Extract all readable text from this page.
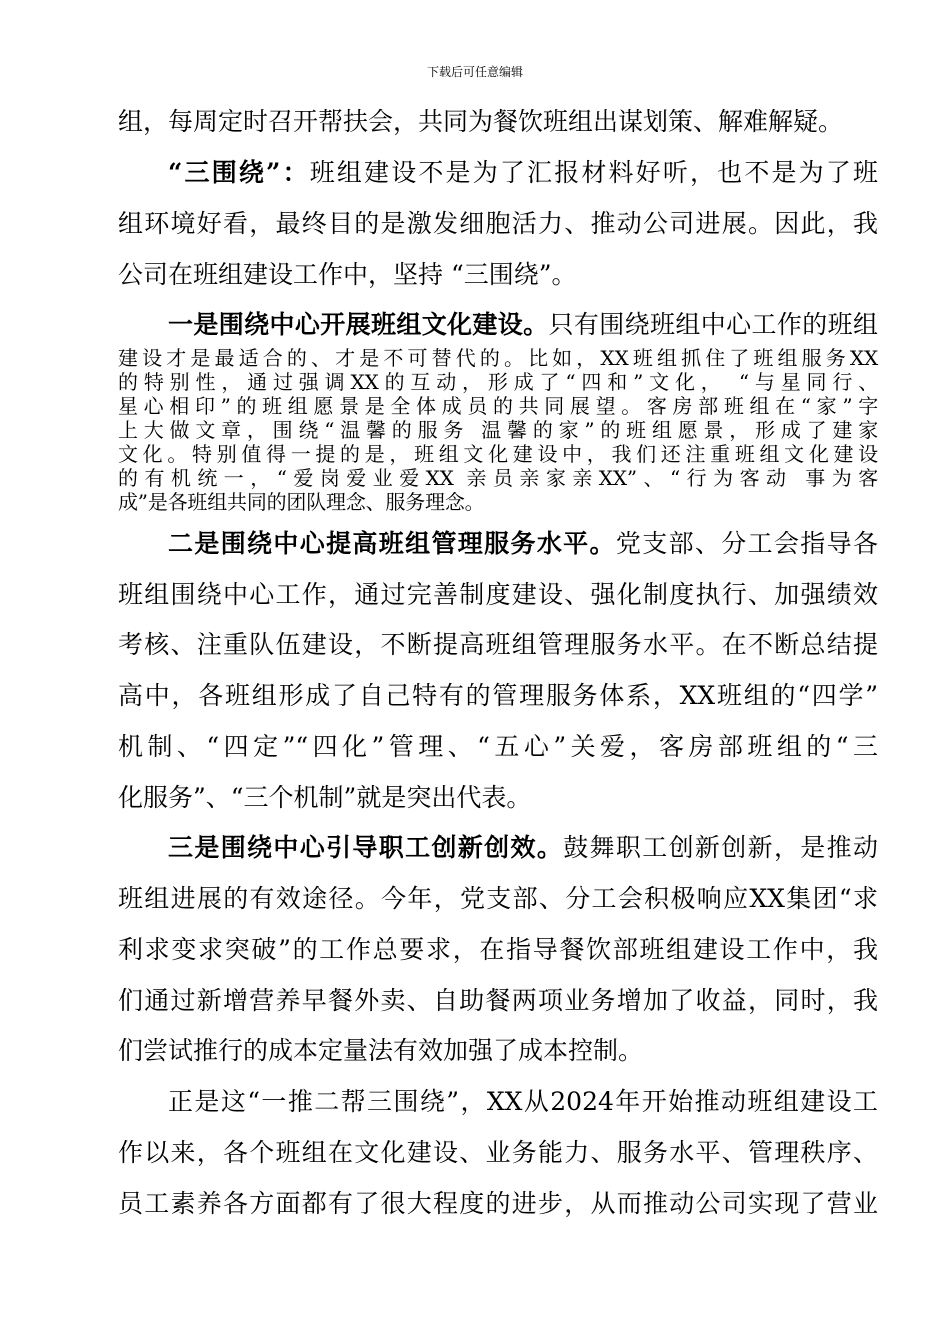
下载后可任意编辑
组，每周定时召开帮扶会，共同为餐饮班组出谋划策、解难解疑。
“三围绕”：班组建设不是为了汇报材料好听，也不是为了班
组环境好看，最终目的是激发细胞活力、推动公司进展。因此，我
公司在班组建设工作中，坚持 “三围绕”。
一是围绕中心开展班组文化建设。只有围绕班组中心工作的班组
建设才是最适合的、才是不可替代的。比如，XX班组抓住了班组服务XX
的特别性，通过强调XX的互动，形成了“四和”文化， “与星同行、
星心相印”的班组愿景是全体成员的共同展望。客房部班组在“家”字
上大做文章，围绕“温馨的服务 温馨的家”的班组愿景，形成了建家
文化。特别值得一提的是，班组文化建设中，我们还注重班组文化建设
的有机统一，“爱岗爱业爱XX 亲员亲家亲XX”、“行为客动 事为客
成”是各班组共同的团队理念、服务理念。
二是围绕中心提高班组管理服务水平。党支部、分工会指导各
班组围绕中心工作，通过完善制度建设、强化制度执行、加强绩效
考核、注重队伍建设，不断提高班组管理服务水平。在不断总结提
高中，各班组形成了自己特有的管理服务体系，XX班组的“四学”
机制、“四定”“四化”管理、“五心”关爱，客房部班组的“三
化服务”、“三个机制”就是突出代表。
三是围绕中心引导职工创新创效。鼓舞职工创新创新，是推动
班组进展的有效途径。今年，党支部、分工会积极响应XX集团“求
利求变求突破”的工作总要求，在指导餐饮部班组建设工作中，我
们通过新增营养早餐外卖、自助餐两项业务增加了收益，同时，我
们尝试推行的成本定量法有效加强了成本控制。
正是这“一推二帮三围绕”，XX从2024年开始推动班组建设工
作以来，各个班组在文化建设、业务能力、服务水平、管理秩序、
员工素养各方面都有了很大程度的进步，从而推动公司实现了营业
